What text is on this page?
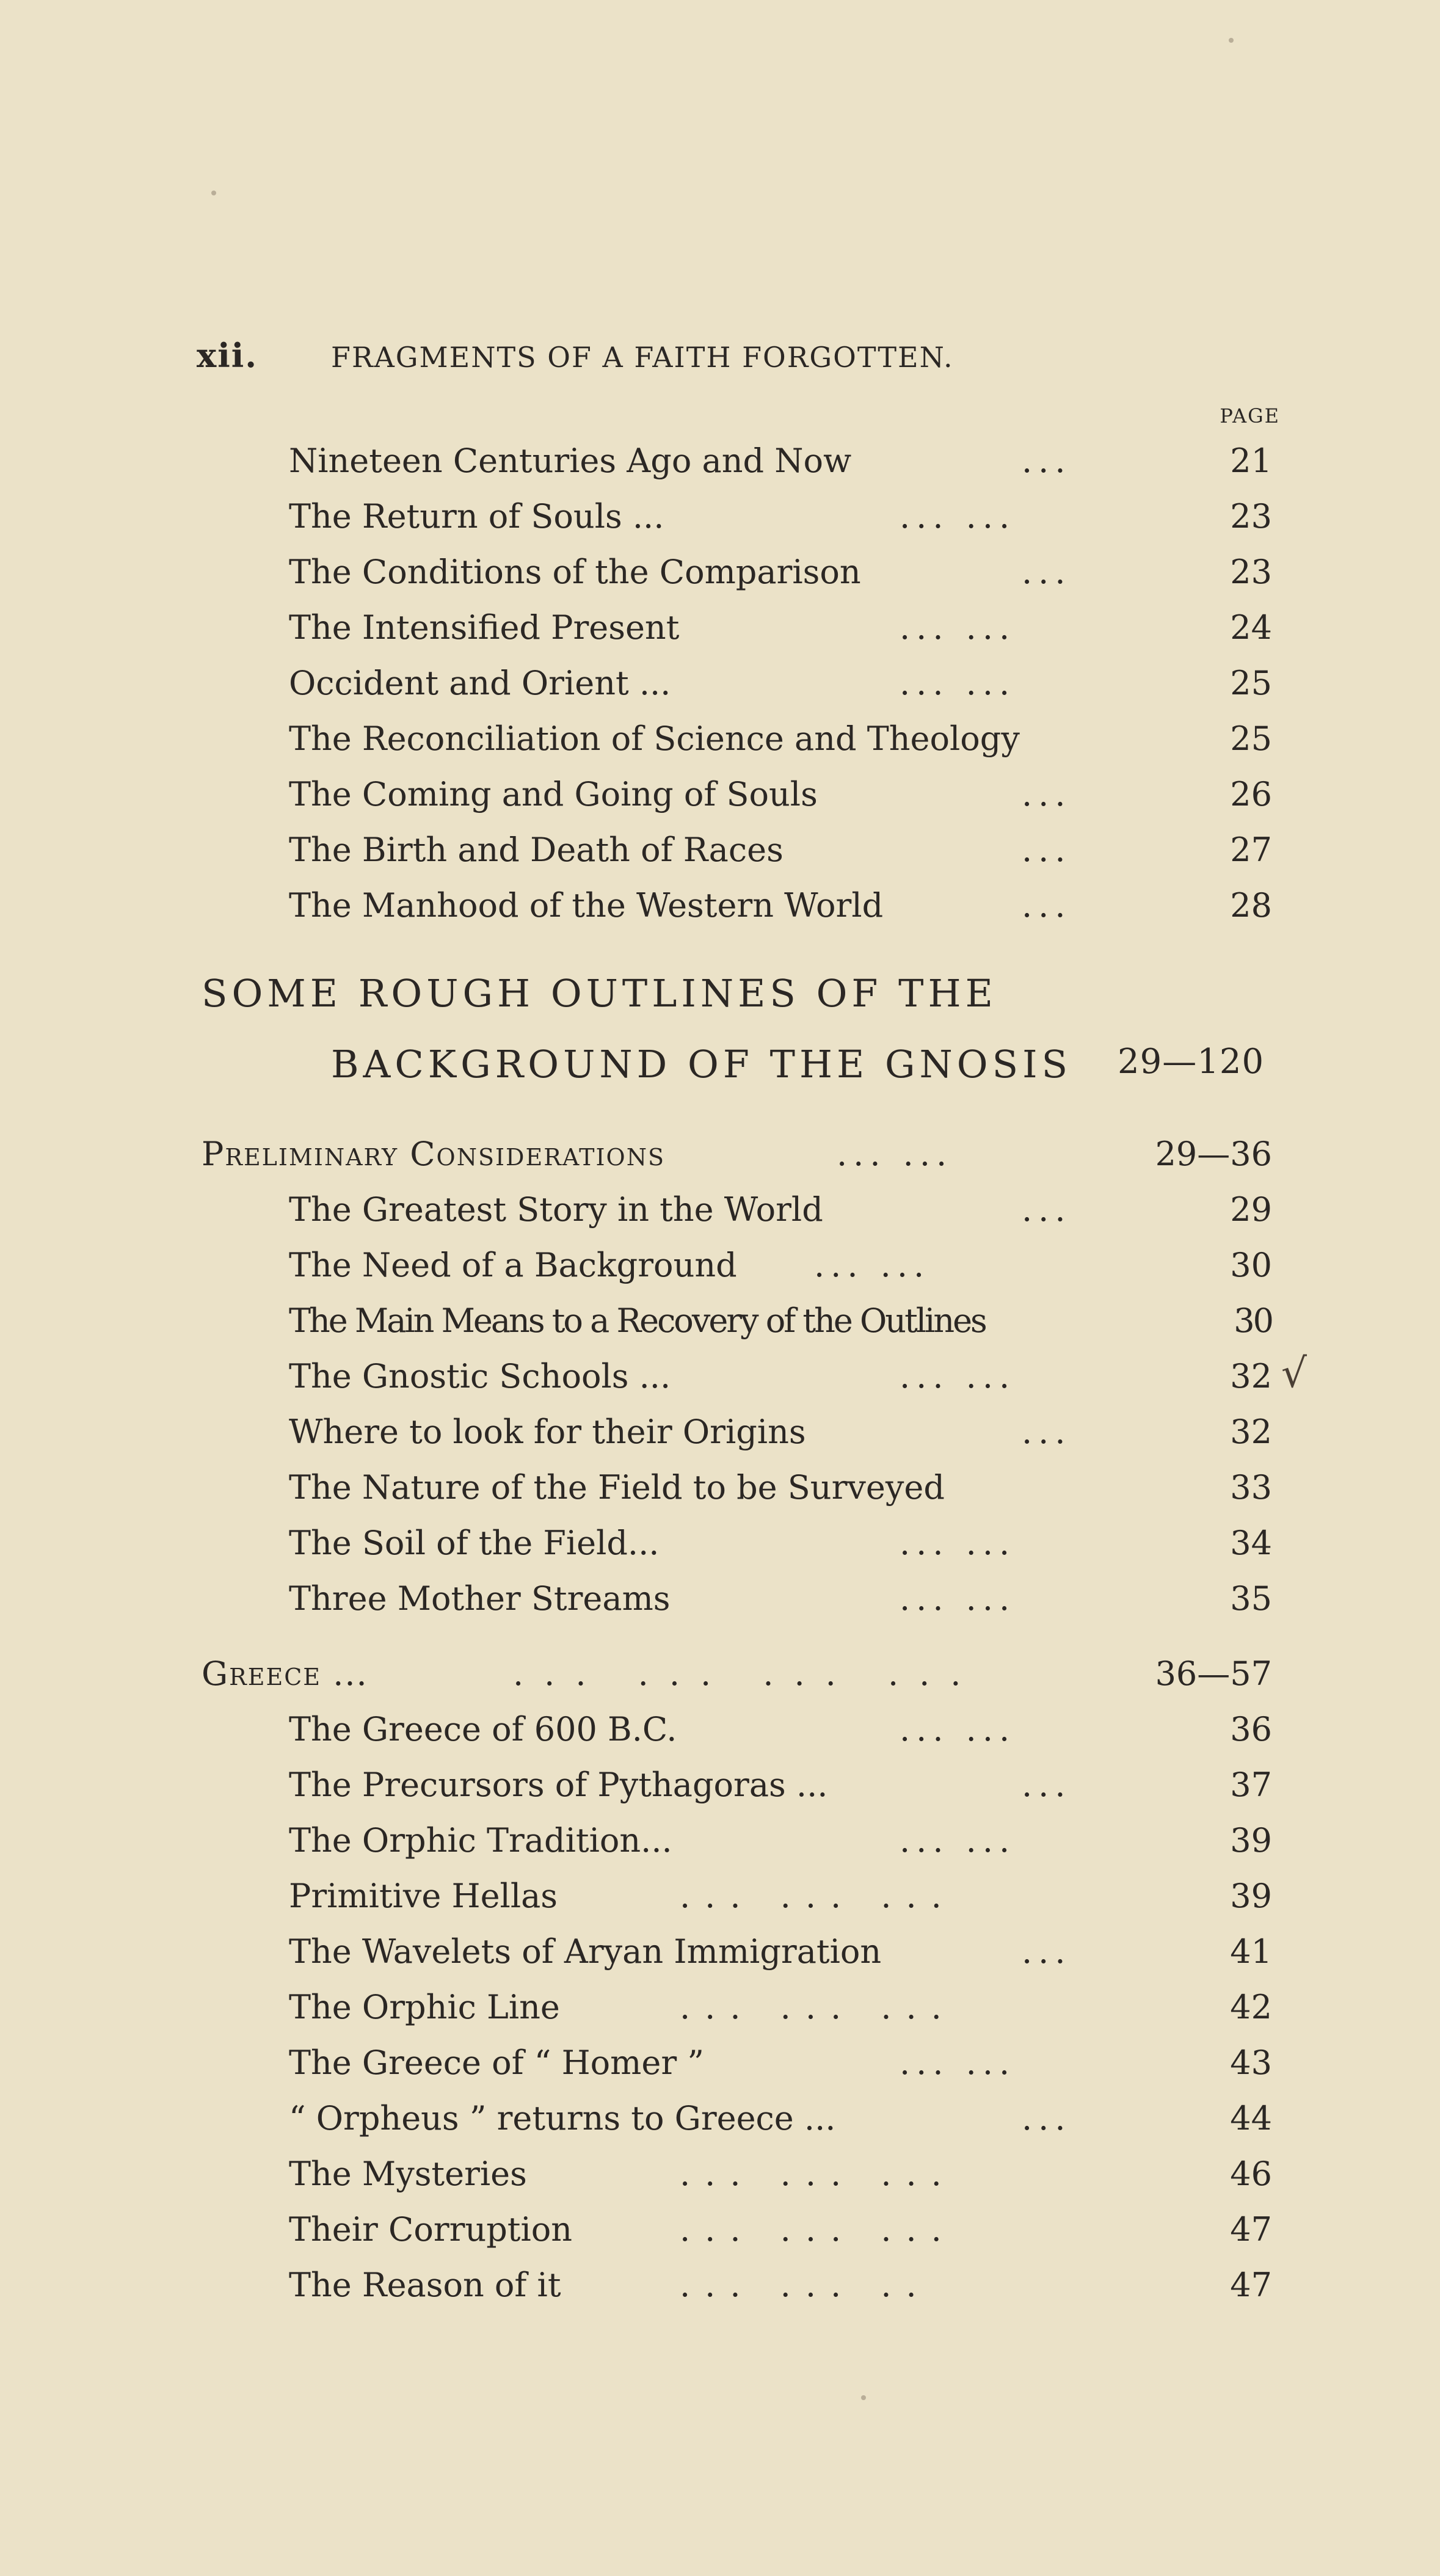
xii.	FRAGMENTS OF A FAITH FORGOTTEN.
PAGE
Nineteen Centuries Ago and Now	...	21
The Return of Souls ...	... ...	23
The Conditions of the Comparison	...	23
The Intensified Present	... ...	24
Occident and Orient ...	... ...	25
The Reconciliation of Science and Theology	25
The Coming and Going of Souls	...	26
The Birth and Death of Races	...	27
The Manhood of the Western World	...	28
SOME ROUGH OUTLINES OF THE
BACKGROUND OF THE GNOSIS 29—120
Preliminary Considerations	... ...	29—36
The Greatest Story in the World	...	29
The Need of a Background ... ...	30
The Main Means to a Recovery of the Outlines	30
The Gnostic Schools ...	... ...	32
Where to look for their Origins	...	32
The Nature of the Field to be Surveyed	33
The Soil of the Field...	... ...	34
Three Mother Streams	... ...	35
Greece ...	... ... ... ...	36—57
The Greece of 600 B.C.	... ...	36
The Precursors of Pythagoras ...	...	37
The Orphic Tradition...	... ...	39
Primitive Hellas	... ... ...	39
The Wavelets of Aryan Immigration	...	41
The Orphic Line	... ... ...	42
The Greece of “ Homer ”	... ...	43
“ Orpheus ” returns to Greece ...	...	44
The Mysteries	... ... ...	46
Their Corruption	... ... ...	47
The Reason of it	... ... ..	47
√
